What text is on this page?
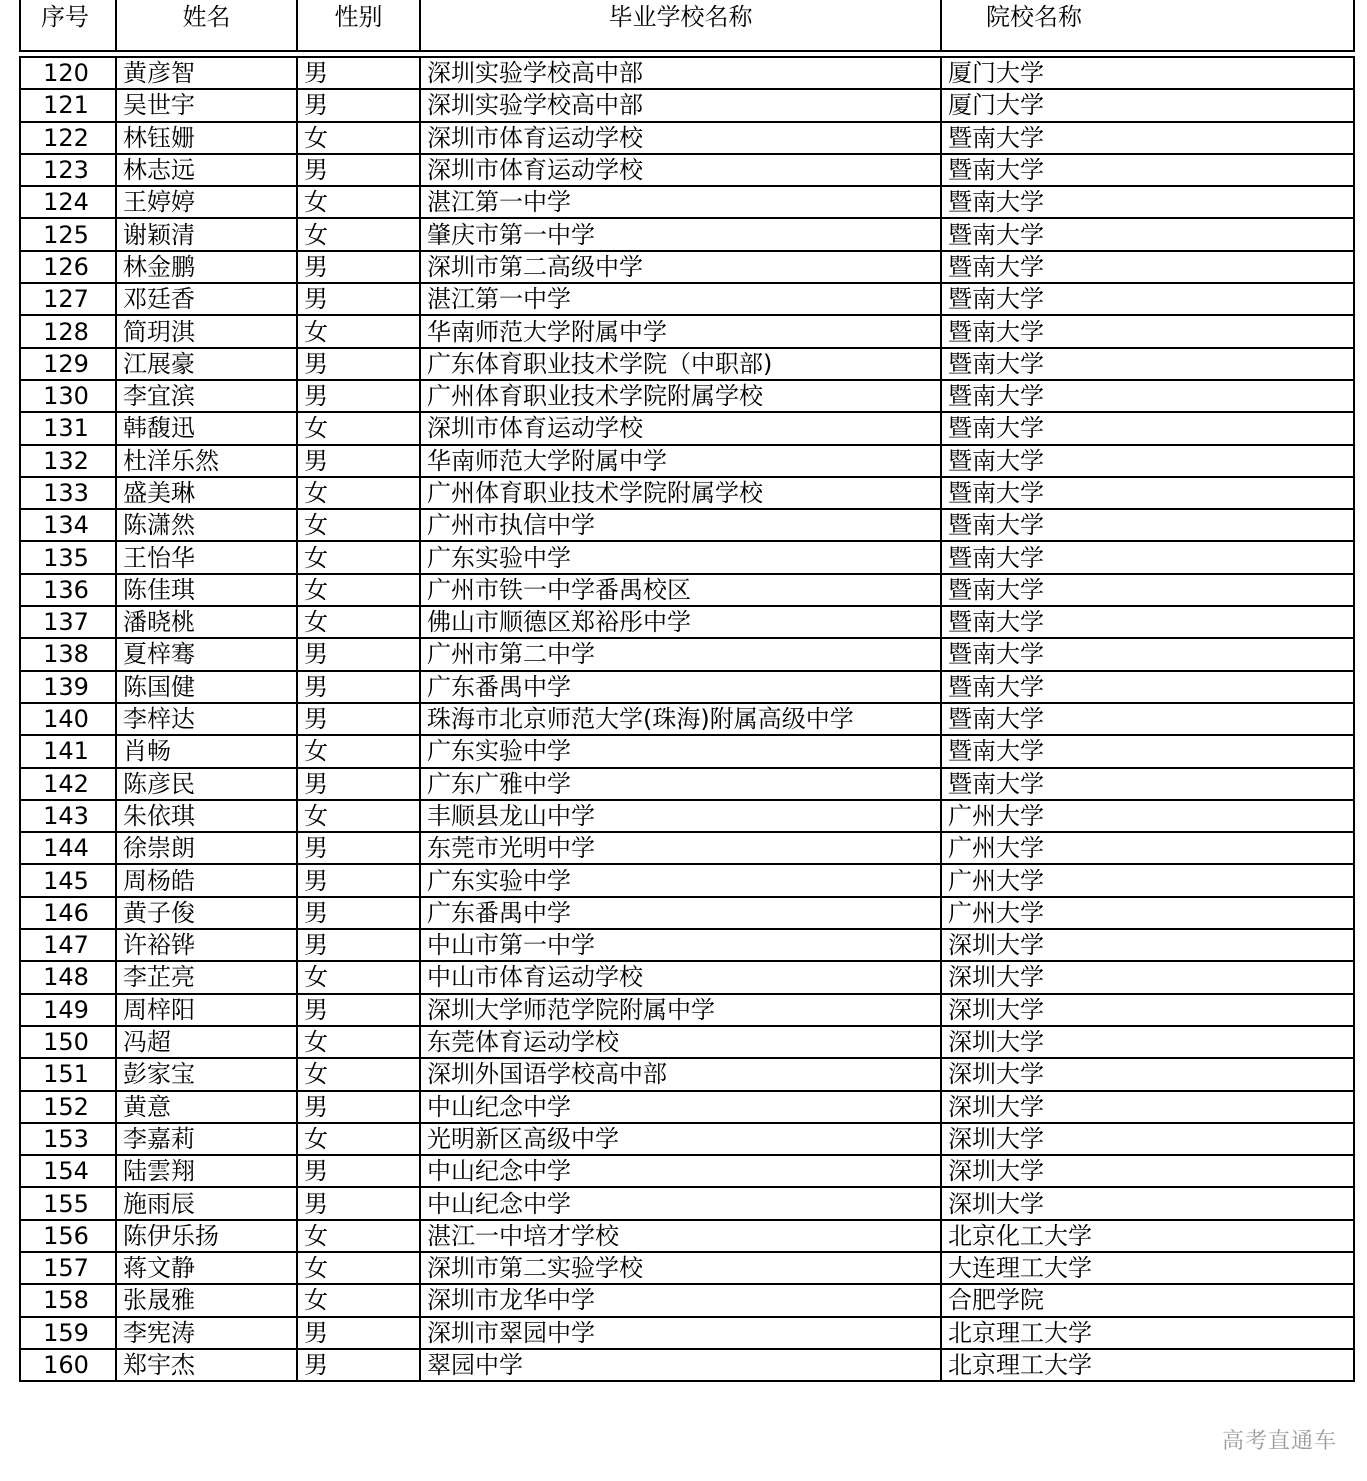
序号	姓名	性别	毕业学校名称	院校名称

120	黄彦智	男	深圳实验学校高中部	厦门大学
121	吴世宇	男	深圳实验学校高中部	厦门大学
122	林钰姗	女	深圳市体育运动学校	暨南大学
123	林志远	男	深圳市体育运动学校	暨南大学
124	王婷婷	女	湛江第一中学	暨南大学
125	谢颖清	女	肇庆市第一中学	暨南大学
126	林金鹏	男	深圳市第二高级中学	暨南大学
127	邓廷香	男	湛江第一中学	暨南大学
128	简玥淇	女	华南师范大学附属中学	暨南大学
129	江展豪	男	广东体育职业技术学院（中职部)	暨南大学
130	李宜滨	男	广州体育职业技术学院附属学校	暨南大学
131	韩馥迅	女	深圳市体育运动学校	暨南大学
132	杜洋乐然	男	华南师范大学附属中学	暨南大学
133	盛美琳	女	广州体育职业技术学院附属学校	暨南大学
134	陈潇然	女	广州市执信中学	暨南大学
135	王怡华	女	广东实验中学	暨南大学
136	陈佳琪	女	广州市铁一中学番禺校区	暨南大学
137	潘晓桃	女	佛山市顺德区郑裕彤中学	暨南大学
138	夏梓骞	男	广州市第二中学	暨南大学
139	陈国健	男	广东番禺中学	暨南大学
140	李梓达	男	珠海市北京师范大学(珠海)附属高级中学	暨南大学
141	肖畅	女	广东实验中学	暨南大学
142	陈彦民	男	广东广雅中学	暨南大学
143	朱依琪	女	丰顺县龙山中学	广州大学
144	徐崇朗	男	东莞市光明中学	广州大学
145	周杨皓	男	广东实验中学	广州大学
146	黄子俊	男	广东番禺中学	广州大学
147	许裕铧	男	中山市第一中学	深圳大学
148	李芷亮	女	中山市体育运动学校	深圳大学
149	周梓阳	男	深圳大学师范学院附属中学	深圳大学
150	冯超	女	东莞体育运动学校	深圳大学
151	彭家宝	女	深圳外国语学校高中部	深圳大学
152	黄意	男	中山纪念中学	深圳大学
153	李嘉莉	女	光明新区高级中学	深圳大学
154	陆雲翔	男	中山纪念中学	深圳大学
155	施雨辰	男	中山纪念中学	深圳大学
156	陈伊乐扬	女	湛江一中培才学校	北京化工大学
157	蒋文静	女	深圳市第二实验学校	大连理工大学
158	张晟雅	女	深圳市龙华中学	合肥学院
159	李宪涛	男	深圳市翠园中学	北京理工大学
160	郑宇杰	男	翠园中学	北京理工大学
高考直通车
